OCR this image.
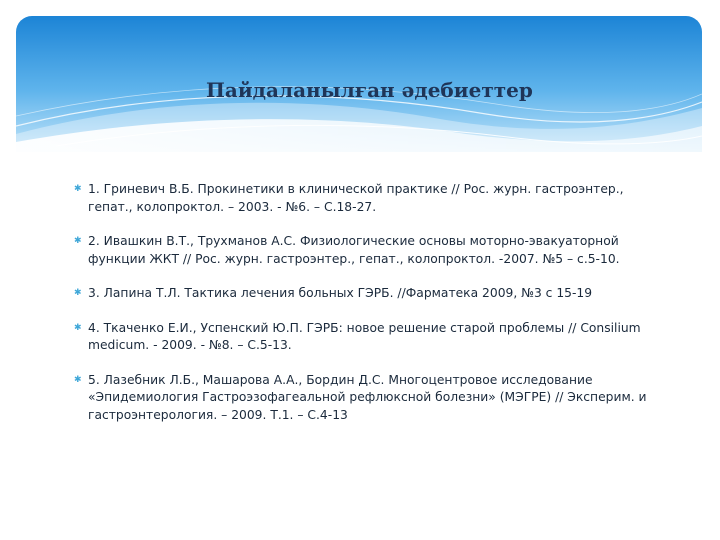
Пайдаланылған әдебиеттер
✱ 1. Гриневич В.Б. Прокинетики в клинической практике // Рос. журн. гастроэнтер., гепат., колопроктол. – 2003. - №6. – С.18-27.
✱ 2. Ивашкин В.Т., Трухманов А.С. Физиологические основы моторно-эвакуаторной функции ЖКТ // Рос. журн. гастроэнтер., гепат., колопроктол. -2007. №5 – с.5-10.
✱ 3. Лапина Т.Л. Тактика лечения больных ГЭРБ. //Фарматека 2009, №3 с 15-19
✱ 4. Ткаченко Е.И., Успенский Ю.П. ГЭРБ: новое решение старой проблемы // Consilium medicum. - 2009. - №8. – С.5-13.
✱ 5. Лазебник Л.Б., Машарова А.А., Бордин Д.С. Многоцентровое исследование «Эпидемиология Гастроэзофагеальной рефлюксной болезни» (МЭГРЕ) // Эксперим. и гастроэнтерология. – 2009. Т.1. – С.4-13
